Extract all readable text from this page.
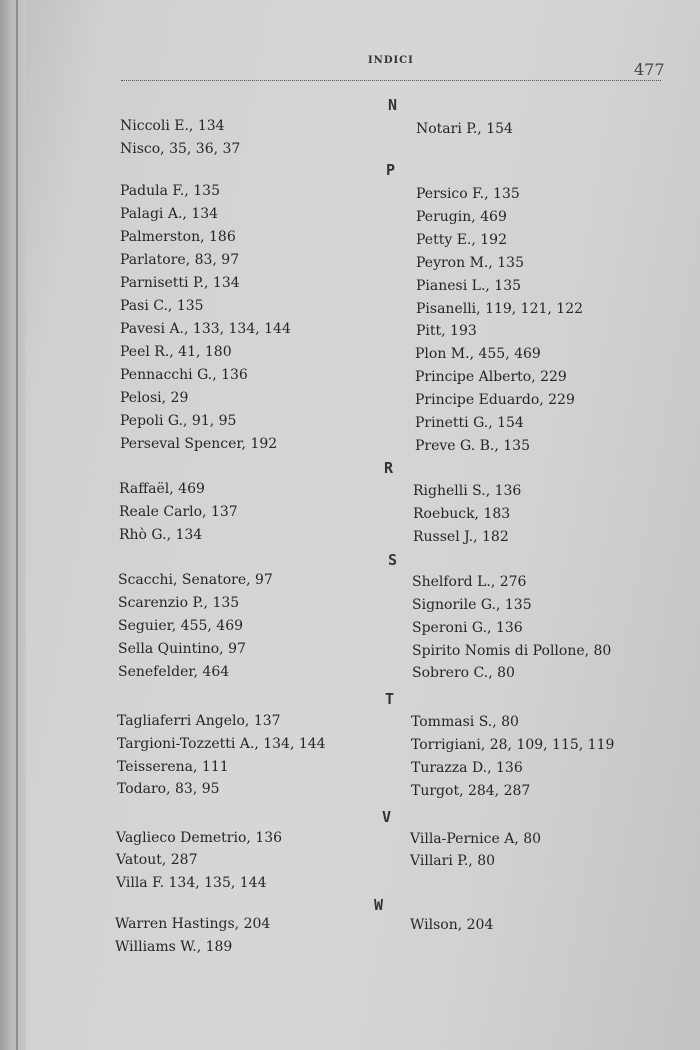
INDICI	477
N
P
R
S
T
V
W
Niccoli E., 134
Nisco, 35, 36, 37
Notari P., 154
Padula F., 135
Palagi A., 134
Palmerston, 186
Parlatore, 83, 97
Parnisetti P., 134
Pasi C., 135
Pavesi A., 133, 134, 144
Peel R., 41, 180
Pennacchi G., 136
Pelosi, 29
Pepoli G., 91, 95
Perseval Spencer, 192
Persico F., 135
Perugin, 469
Petty E., 192
Peyron M., 135
Pianesi L., 135
Pisanelli, 119, 121, 122
Pitt, 193
Plon M., 455, 469
Principe Alberto, 229
Principe Eduardo, 229
Prinetti G., 154
Preve G. B., 135
Raffaël, 469
Reale Carlo, 137
Rhò G., 134
Righelli S., 136
Roebuck, 183
Russel J., 182
Scacchi, Senatore, 97
Scarenzio P., 135
Seguier, 455, 469
Sella Quintino, 97
Senefelder, 464
Shelford L., 276
Signorile G., 135
Speroni G., 136
Spirito Nomis di Pollone, 80
Sobrero C., 80
Tagliaferri Angelo, 137
Targioni-Tozzetti A., 134, 144
Teisserena, 111
Todaro, 83, 95
Tommasi S., 80
Torrigiani, 28, 109, 115, 119
Turazza D., 136
Turgot, 284, 287
Vaglieco Demetrio, 136
Vatout, 287
Villa F. 134, 135, 144
Villa-Pernice A, 80
Villari P., 80
Warren Hastings, 204
Williams W., 189
Wilson, 204
